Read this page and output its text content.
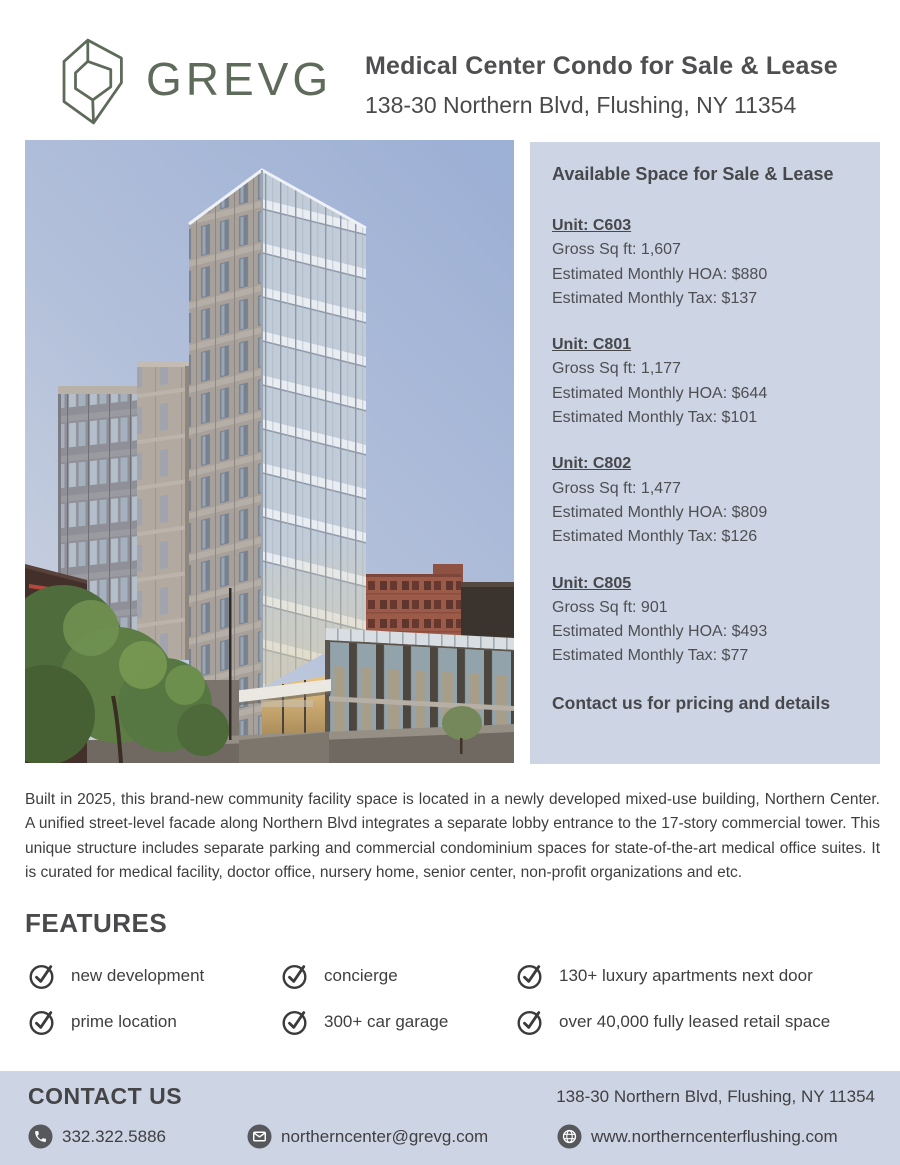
GREVG Medical Center Condo for Sale & Lease
138-30 Northern Blvd, Flushing, NY 11354
Available Space for Sale & Lease
Unit: C603
Gross Sq ft: 1,607
Estimated Monthly HOA: $880
Estimated Monthly Tax: $137
Unit: C801
Gross Sq ft: 1,177
Estimated Monthly HOA: $644
Estimated Monthly Tax: $101
Unit: C802
Gross Sq ft: 1,477
Estimated Monthly HOA: $809
Estimated Monthly Tax: $126
Unit: C805
Gross Sq ft: 901
Estimated Monthly HOA: $493
Estimated Monthly Tax: $77
Contact us for pricing and details
Built in 2025, this brand-new community facility space is located in a newly developed mixed-use building, Northern Center. A unified street-level facade along Northern Blvd integrates a separate lobby entrance to the 17-story commercial tower. This unique structure includes separate parking and commercial condominium spaces for state-of-the-art medical office suites. It is curated for medical facility, doctor office, nursery home, senior center, non-profit organizations and etc.
FEATURES
new development	concierge	130+ luxury apartments next door
prime location	300+ car garage	over 40,000 fully leased retail space
CONTACT US	138-30 Northern Blvd, Flushing, NY 11354
332.322.5886	northerncenter@grevg.com	www.northerncenterflushing.com
